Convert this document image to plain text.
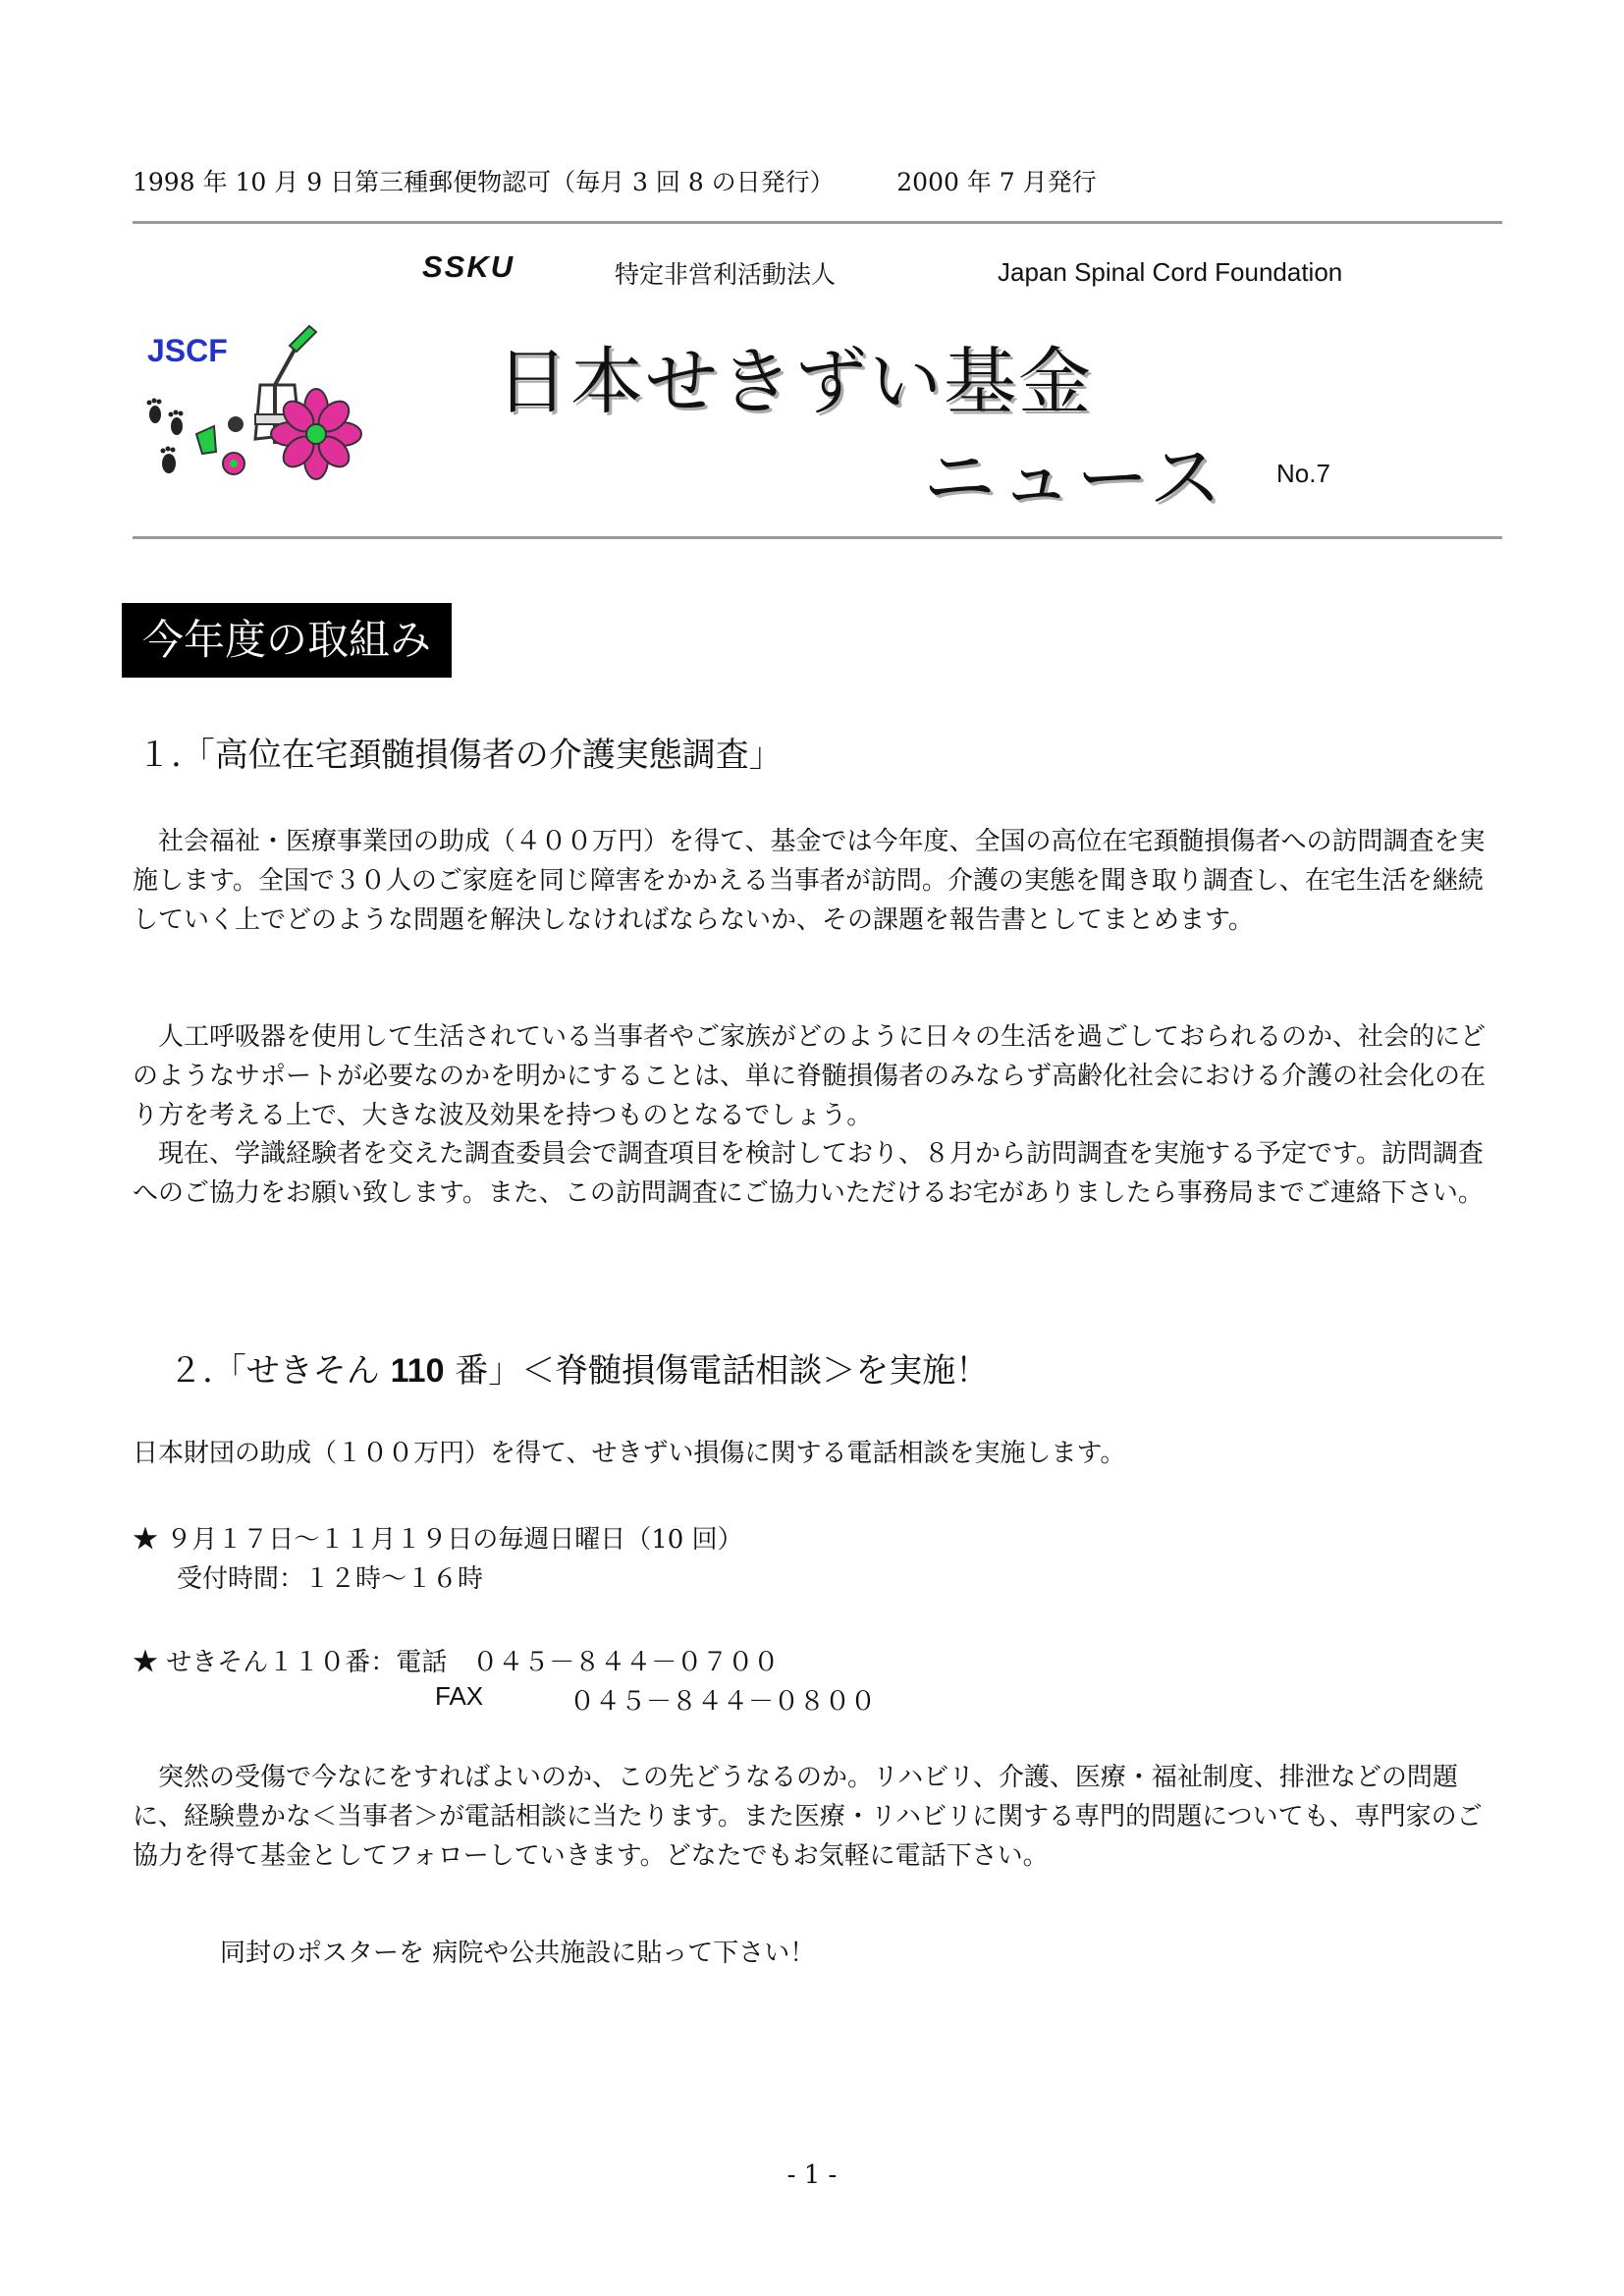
1998 年 10 月 9 日第三種郵便物認可（毎月 3 回 8 の日発行）	2000 年 7 月発行
SSKU	特定非営利活動法人	Japan Spinal Cord Foundation
JSCF	日本せきずい基金
ニュース No.7
今年度の取組み
１.「高位在宅頚髄損傷者の介護実態調査」
社会福祉・医療事業団の助成（４００万円）を得て、基金では今年度、全国の高位在宅頚髄損傷者への訪問調査を実施します。全国で３０人のご家庭を同じ障害をかかえる当事者が訪問。介護の実態を聞き取り調査し、在宅生活を継続していく上でどのような問題を解決しなければならないか、その課題を報告書としてまとめます。
人工呼吸器を使用して生活されている当事者やご家族がどのように日々の生活を過ごしておられるのか、社会的にどのようなサポートが必要なのかを明かにすることは、単に脊髄損傷者のみならず高齢化社会における介護の社会化の在り方を考える上で、大きな波及効果を持つものとなるでしょう。
現在、学識経験者を交えた調査委員会で調査項目を検討しており、８月から訪問調査を実施する予定です。訪問調査へのご協力をお願い致します。また、この訪問調査にご協力いただけるお宅がありましたら事務局までご連絡下さい。
２.「せきそん 110 番」＜脊髄損傷電話相談＞を実施！
日本財団の助成（１００万円）を得て、せきずい損傷に関する電話相談を実施します。
★ ９月１７日～１１月１９日の毎週日曜日（10 回）
受付時間：１２時～１６時
★ せきそん１１０番：電話　０４５－８４４－０７００
FAX	０４５－８４４－０８００
突然の受傷で今なにをすればよいのか、この先どうなるのか。リハビリ、介護、医療・福祉制度、排泄などの問題に、経験豊かな＜当事者＞が電話相談に当たります。また医療・リハビリに関する専門的問題についても、専門家のご協力を得て基金としてフォローしていきます。どなたでもお気軽に電話下さい。
同封のポスターを 病院や公共施設に貼って下さい！
- 1 -
